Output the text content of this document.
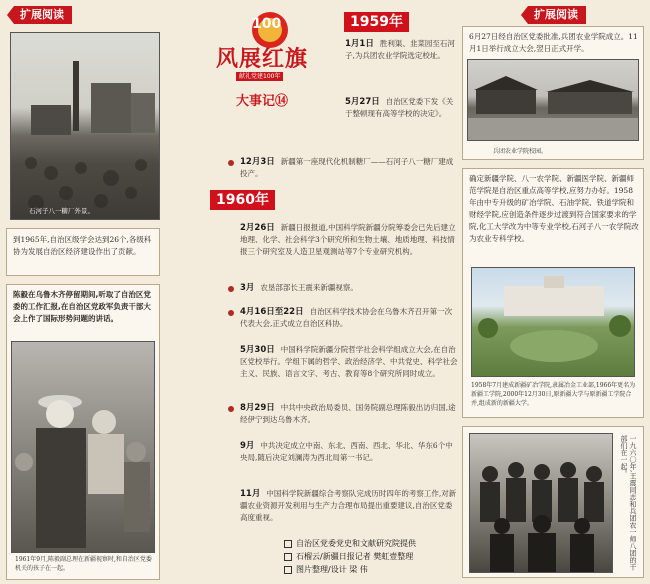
扩展阅读
石河子八一糖厂外景。
到1965年,自治区级学会达到26个,各级科协为发展自治区经济建设作出了贡献。
陈毅在乌鲁木齐停留期间,听取了自治区党委的工作汇报,在自治区党政军负责干部大会上作了国际形势问题的讲话。
1961年9月,陈毅副总理在新疆视察时,和自治区党委机关的孩子在一起。
100
风展红旗
献礼党建100年
大事记⑭
1959年
1月1日 胜利渠、韭菜园至石河子,为兵团农业学院选定校址。
5月27日 自治区党委下发《关于整顿现有高等学校的决定》。
12月3日 新疆第一座现代化机制糖厂——石河子八一糖厂建成投产。
1960年
2月26日 新疆日报报道,中国科学院新疆分院筹委会已先后建立地理、化学、社会科学3个研究所和生物土壤、地质地理、科技情报三个研究室及人造卫星观测站等7个专业研究机构。
3月 农垦部部长王震来新疆视察。
4月16日至22日 自治区科学技术协会在乌鲁木齐召开第一次代表大会,正式成立自治区科协。
5月30日 中国科学院新疆分院哲学社会科学组成立大会,在自治区党校举行。学组下属的哲学、政治经济学、中共党史、科学社会主义、民族、语言文字、考古、教育等8个研究所同时成立。
8月29日 中共中央政治局委员、国务院副总理陈毅出访归国,途经伊宁到达乌鲁木齐。
9月 中共决定成立中南、东北、西南、西北、华北、华东6个中央局,随后决定刘澜涛为西北局第一书记。
11月 中国科学院新疆综合考察队完成历时四年的考察工作,对新疆农业资源开发利用与生产力合理布局提出重要建议,自治区党委高度重视。
自治区党委党史和文献研究院提供
石榴云/新疆日报记者 樊虹壹整理
图片整理/设计 梁 伟
扩展阅读
6月27日经自治区党委批准,兵团农业学院成立。11月1日举行成立大会,翌日正式开学。
兵团农业学院校园。
确定新疆学院、八一农学院、新疆医学院、新疆师范学院是自治区重点高等学校,应努力办好。1958年由中专升级的矿冶学院、石油学院、铁道学院和财经学院,应创造条件逐步过渡到符合国家要求的学院,化工大学改为中等专业学校,石河子八一农学院改为农业专科学校。
1958年7月建成新疆矿冶学院,隶属冶金工业部,1966年更名为新疆工学院,2000年12月30日,原新疆大学与原新疆工学院合并,组成新的新疆大学。
一九六〇年,王震同志和兵团农一师八团的干部们在一起。
